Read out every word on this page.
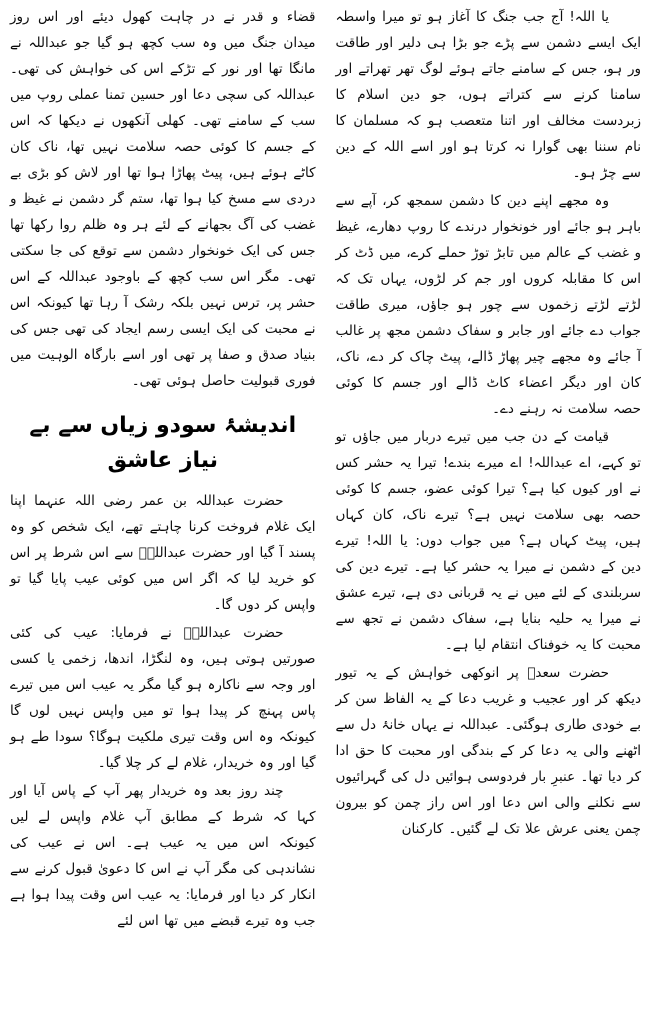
یا اللہ! آج جب جنگ کا آغاز ہو تو میرا واسطہ ایک ایسے دشمن سے پڑے جو بڑا ہی دلیر اور طاقت ور ہو، جس کے سامنے جاتے ہوئے لوگ تھر تھراتے اور سامنا کرنے سے کتراتے ہوں، جو دین اسلام کا زبردست مخالف اور اتنا متعصب ہو کہ مسلمان کا نام سننا بھی گوارا نہ کرتا ہو اور اسے اللہ کے دین سے چڑ ہو۔
وہ مجھے اپنے دین کا دشمن سمجھ کر، آپے سے باہر ہو جائے اور خونخوار درندے کا روپ دھارے، غیظ و غضب کے عالم میں تابڑ توڑ حملے کرے، میں ڈٹ کر اس کا مقابلہ کروں اور جم کر لڑوں، یہاں تک کہ لڑتے لڑتے زخموں سے چور ہو جاؤں، میری طاقت جواب دے جائے اور جابر و سفاک دشمن مجھ پر غالب آ جائے وہ مجھے چیر پھاڑ ڈالے، پیٹ چاک کر دے، ناک، کان اور دیگر اعضاء کاٹ ڈالے اور جسم کا کوئی حصہ سلامت نہ رہنے دے۔
قیامت کے دن جب میں تیرے دربار میں جاؤں تو تو کہے، اے عبداللہ! اے میرے بندے! تیرا یہ حشر کس نے اور کیوں کیا ہے؟ تیرا کوئی عضو، جسم کا کوئی حصہ بھی سلامت نہیں ہے؟ تیرے ناک، کان کہاں ہیں، پیٹ کہاں ہے؟ میں جواب دوں: یا اللہ! تیرے دین کے دشمن نے میرا یہ حشر کیا ہے۔ تیرے دین کی سربلندی کے لئے میں نے یہ قربانی دی ہے، تیرے عشق نے میرا یہ حلیہ بنایا ہے، سفاک دشمن نے تجھ سے محبت کا یہ خوفناک انتقام لیا ہے۔
حضرت سعدؓ پر انوکھی خواہش کے یہ تیور دیکھ کر اور عجیب و غریب دعا کے یہ الفاظ سن کر بے خودی طاری ہوگئی۔ عبداللہ نے یہاں خانۂ دل سے اٹھنے والی یہ دعا کر کے بندگی اور محبت کا حق ادا کر دیا تھا۔ عنبرِ بار فردوسی ہوائیں دل کی گہرائیوں سے نکلنے والی اس دعا اور اس راز چمن کو بیرون چمن یعنی عرش علا تک لے گئیں۔ کارکنان
قضاء و قدر نے در چاہت کھول دیئے اور اس روز میدان جنگ میں وہ سب کچھ ہو گیا جو عبداللہ نے مانگا تھا اور نور کے تڑکے اس کی خواہش کی تھی۔ عبداللہ کی سچی دعا اور حسین تمنا عملی روپ میں سب کے سامنے تھی۔ کھلی آنکھوں نے دیکھا کہ اس کے جسم کا کوئی حصہ سلامت نہیں تھا، ناک کان کاٹے ہوئے ہیں، پیٹ پھاڑا ہوا تھا اور لاش کو بڑی بے دردی سے مسخ کیا ہوا تھا، ستم گر دشمن نے غیظ و غضب کی آگ بجھانے کے لئے ہر وہ ظلم روا رکھا تھا جس کی ایک خونخوار دشمن سے توقع کی جا سکتی تھی۔ مگر اس سب کچھ کے باوجود عبداللہ کے اس حشر پر، ترس نہیں بلکہ رشک آ رہا تھا کیونکہ اس نے محبت کی ایک ایسی رسم ایجاد کی تھی جس کی بنیاد صدق و صفا پر تھی اور اسے بارگاہ الوہیت میں فوری قبولیت حاصل ہوئی تھی۔
اندیشۂ سودو زیاں سے بے نیاز عاشق
حضرت عبداللہ بن عمر رضی اللہ عنہما اپنا ایک غلام فروخت کرنا چاہتے تھے، ایک شخص کو وہ پسند آ گیا اور حضرت عبداللہؓ سے اس شرط پر اس کو خرید لیا کہ اگر اس میں کوئی عیب پایا گیا تو واپس کر دوں گا۔
حضرت عبداللہؓ نے فرمایا: عیب کی کئی صورتیں ہوتی ہیں، وہ لنگڑا، اندھا، زخمی یا کسی اور وجہ سے ناکارہ ہو گیا مگر یہ عیب اس میں تیرے پاس پہنچ کر پیدا ہوا تو میں واپس نہیں لوں گا کیونکہ وہ اس وقت تیری ملکیت ہوگا؟ سودا طے ہو گیا اور وہ خریدار، غلام لے کر چلا گیا۔
چند روز بعد وہ خریدار پھر آپ کے پاس آیا اور کہا کہ شرط کے مطابق آپ غلام واپس لے لیں کیونکہ اس میں یہ عیب ہے۔ اس نے عیب کی نشاندہی کی مگر آپ نے اس کا دعویٰ قبول کرنے سے انکار کر دیا اور فرمایا: یہ عیب اس وقت پیدا ہوا ہے جب وہ تیرے قبضے میں تھا اس لئے
